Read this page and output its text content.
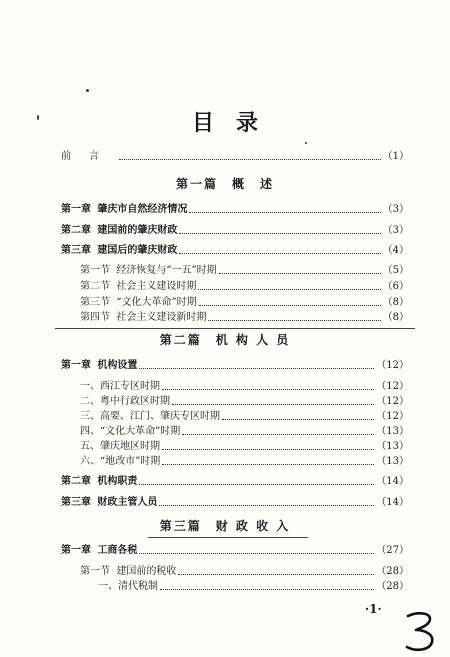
目录
前言	（1）
第一篇　概　述
第一章 肇庆市自然经济情况	（3）
第二章 建国前的肇庆财政	（3）
第三章 建国后的肇庆财政	（4）
第一节 经济恢复与“一五”时期	（5）
第二节 社会主义建设时期	（6）
第三节 “文化大革命”时期	（8）
第四节 社会主义建设新时期	（8）
第二篇　机 构 人 员
第一章 机构设置	（12）
一、西江专区时期	（12）
二、粤中行政区时期	（12）
三、高要、江门、肇庆专区时期	（12）
四、“文化大革命”时期	（13）
五、肇庆地区时期	（13）
六、“地改市”时期	（13）
第二章 机构职责	（14）
第三章 财政主管人员	（14）
第三篇　财 政 收 入
第一章 工商各税	（27）
第一节 建国前的税收	（28）
一、清代税制	（28）
·1·
